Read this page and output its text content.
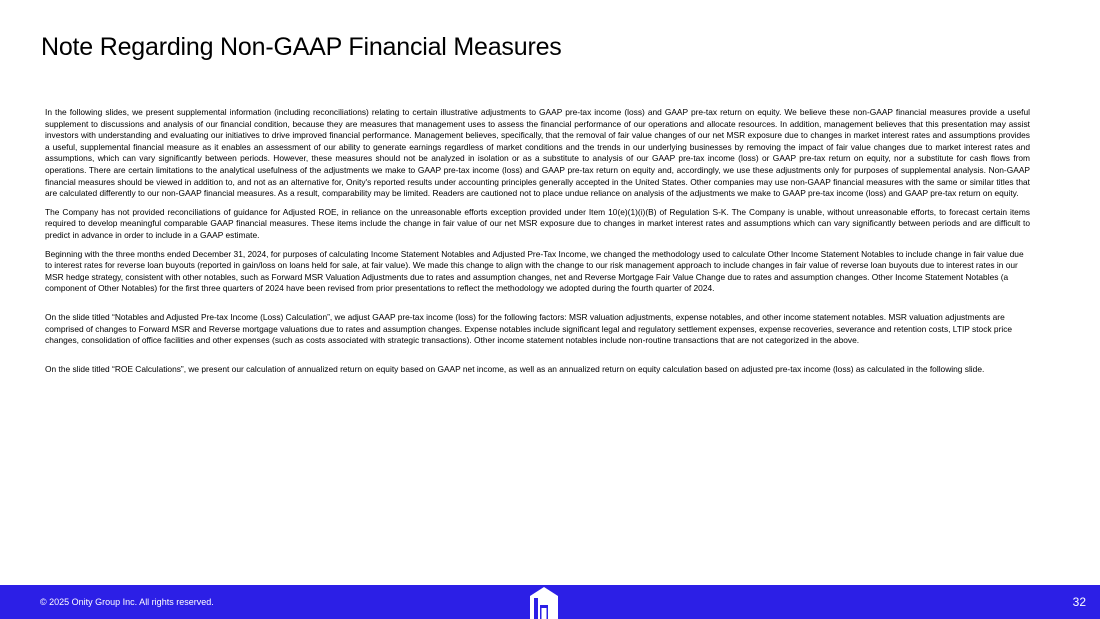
Note Regarding Non-GAAP Financial Measures

In the following slides, we present supplemental information (including reconciliations) relating to certain illustrative adjustments to GAAP pre-tax income (loss) and GAAP pre-tax return on equity. We believe these non-GAAP financial measures provide a useful supplement to discussions and analysis of our financial condition, because they are measures that management uses to assess the financial performance of our operations and allocate resources. In addition, management believes that this presentation may assist investors with understanding and evaluating our initiatives to drive improved financial performance. Management believes, specifically, that the removal of fair value changes of our net MSR exposure due to changes in market interest rates and assumptions provides a useful, supplemental financial measure as it enables an assessment of our ability to generate earnings regardless of market conditions and the trends in our underlying businesses by removing the impact of fair value changes due to market interest rates and assumptions, which can vary significantly between periods. However, these measures should not be analyzed in isolation or as a substitute to analysis of our GAAP pre-tax income (loss) or GAAP pre-tax return on equity, nor a substitute for cash flows from operations. There are certain limitations to the analytical usefulness of the adjustments we make to GAAP pre-tax income (loss) and GAAP pre-tax return on equity and, accordingly, we use these adjustments only for purposes of supplemental analysis. Non-GAAP financial measures should be viewed in addition to, and not as an alternative for, Onity's reported results under accounting principles generally accepted in the United States. Other companies may use non-GAAP financial measures with the same or similar titles that are calculated differently to our non-GAAP financial measures. As a result, comparability may be limited. Readers are cautioned not to place undue reliance on analysis of the adjustments we make to GAAP pre-tax income (loss) and GAAP pre-tax return on equity.

The Company has not provided reconciliations of guidance for Adjusted ROE, in reliance on the unreasonable efforts exception provided under Item 10(e)(1)(i)(B) of Regulation S-K. The Company is unable, without unreasonable efforts, to forecast certain items required to develop meaningful comparable GAAP financial measures. These items include the change in fair value of our net MSR exposure due to changes in market interest rates and assumptions which can vary significantly between periods and are difficult to predict in advance in order to include in a GAAP estimate.

Beginning with the three months ended December 31, 2024, for purposes of calculating Income Statement Notables and Adjusted Pre-Tax Income, we changed the methodology used to calculate Other Income Statement Notables to include change in fair value due to interest rates for reverse loan buyouts (reported in gain/loss on loans held for sale, at fair value). We made this change to align with the change to our risk management approach to include changes in fair value of reverse loan buyouts due to interest rates in our MSR hedge strategy, consistent with other notables, such as Forward MSR Valuation Adjustments due to rates and assumption changes, net and Reverse Mortgage Fair Value Change due to rates and assumption changes. Other Income Statement Notables (a component of Other Notables) for the first three quarters of 2024 have been revised from prior presentations to reflect the methodology we adopted during the fourth quarter of 2024.

On the slide titled “Notables and Adjusted Pre-tax Income (Loss) Calculation”, we adjust GAAP pre-tax income (loss) for the following factors: MSR valuation adjustments, expense notables, and other income statement notables. MSR valuation adjustments are comprised of changes to Forward MSR and Reverse mortgage valuations due to rates and assumption changes. Expense notables include significant legal and regulatory settlement expenses, expense recoveries, severance and retention costs, LTIP stock price changes, consolidation of office facilities and other expenses (such as costs associated with strategic transactions). Other income statement notables include non-routine transactions that are not categorized in the above.

On the slide titled “ROE Calculations”, we present our calculation of annualized return on equity based on GAAP net income, as well as an annualized return on equity calculation based on adjusted pre-tax income (loss) as calculated in the following slide.

© 2025 Onity Group Inc. All rights reserved.	32
